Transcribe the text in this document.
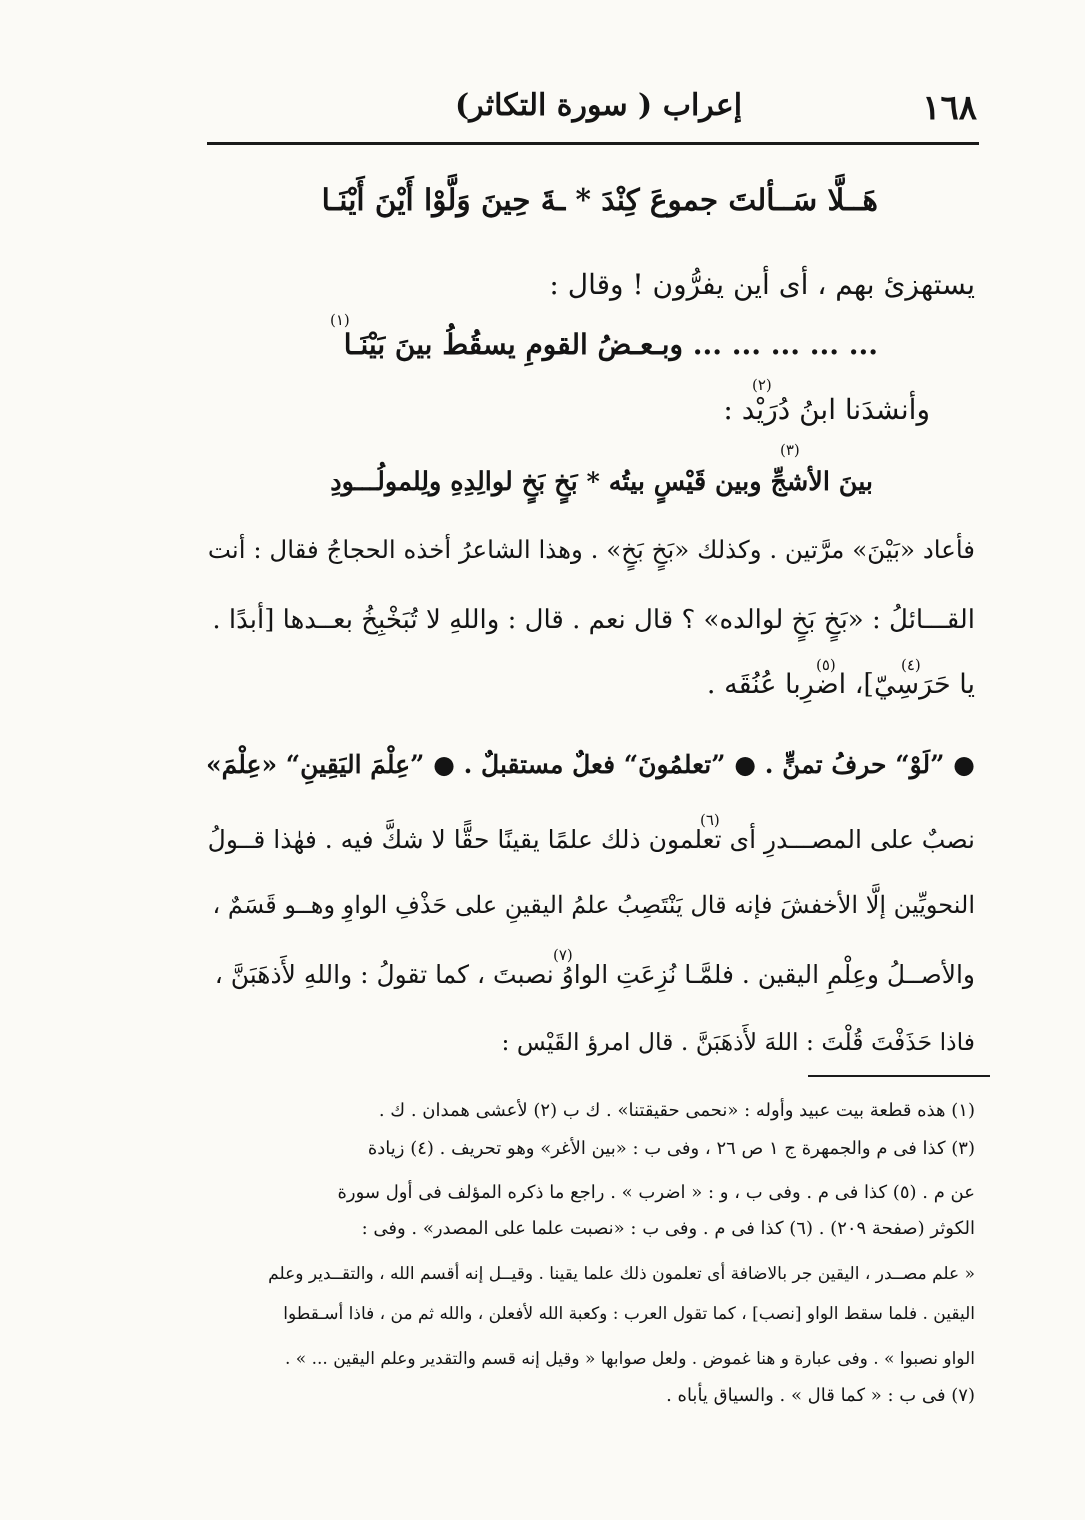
١٦٨
إعراب ( سورة التكاثر)
هَــلَّا سَــألتَ جموعَ كِنْدَ * ـةَ حِينَ وَلَّوْا أَيْنَ أَيْنَـا
يستهزئ بهم ، أى أين يفرُّون ! وقال :
(١)
... ... ... ... ... وبـعـضُ القومِ يسقُطُ بينَ بَيْنَـا
(٢)
وأنشدَنا ابنُ دُرَيْد :
(٣)
بينَ الأشجِّ وبين قَيْسٍ بيتُه * بَخٍ بَخٍ لوالِدِهِ ولِلمولُـــودِ
فأعاد «بَيْنَ» مرَّتين . وكذلك «بَخٍ بَخٍ» . وهذا الشاعرُ أخذه الحجاجُ فقال : أنت
القـــائلُ : «بَخٍ بَخٍ لوالده» ؟ قال نعم . قال : واللهِ لا تُبَخْبِخُ بعــدها [أبدًا .
(٤)
(٥)
يا حَرَسِيّ]، اضرِبا عُنُقَه .
● ”لَوْ“ حرفُ تمنٍّ . ● ”تعلمُونَ“ فعلٌ مستقبلٌ . ● ”عِلْمَ اليَقِينِ“ «عِلْمَ»
(٦)
نصبٌ على المصـــدرِ أى تعلمون ذلك علمًا يقينًا حقًّا لا شكَّ فيه . فهٰذا قــولُ
النحويِّين إلَّا الأخفشَ فإنه قال يَنْتَصِبُ علمُ اليقينِ على حَذْفِ الواوِ وهــو قَسَمٌ ،
(٧)
والأصــلُ وعِلْمِ اليقين . فلمَّـا نُزِعَتِ الواوُ نصبتَ ، كما تقولُ : واللهِ لأَذهَبَنَّ ،
فاذا حَذَفْتَ قُلْتَ : اللهَ لأَذهَبَنَّ . قال امرؤ القَيْس :
(١) هذه قطعة بيت عبيد وأوله : «نحمى حقيقتنا» . ك ب (٢) لأعشى همدان . ك .
(٣) كذا فى م والجمهرة ج ١ ص ٢٦ ، وفى ب : «بين الأغر» وهو تحريف . (٤) زيادة
عن م . (٥) كذا فى م . وفى ب ، و : « اضرب » . راجع ما ذكره المؤلف فى أول سورة
الكوثر (صفحة ٢٠٩) . (٦) كذا فى م . وفى ب : «نصبت علما على المصدر» . وفى :
« علم مصــدر ، اليقين جر بالاضافة أى تعلمون ذلك علما يقينا . وقيــل إنه أقسم الله ، والتقــدير وعلم
اليقين . فلما سقط الواو [نصب] ، كما تقول العرب : وكعبة الله لأفعلن ، والله ثم من ، فاذا أسـقطوا
الواو نصبوا » . وفى عبارة و هنا غموض . ولعل صوابها « وقيل إنه قسم والتقدير وعلم اليقين ... » .
(٧) فى ب : « كما قال » . والسياق يأباه .
